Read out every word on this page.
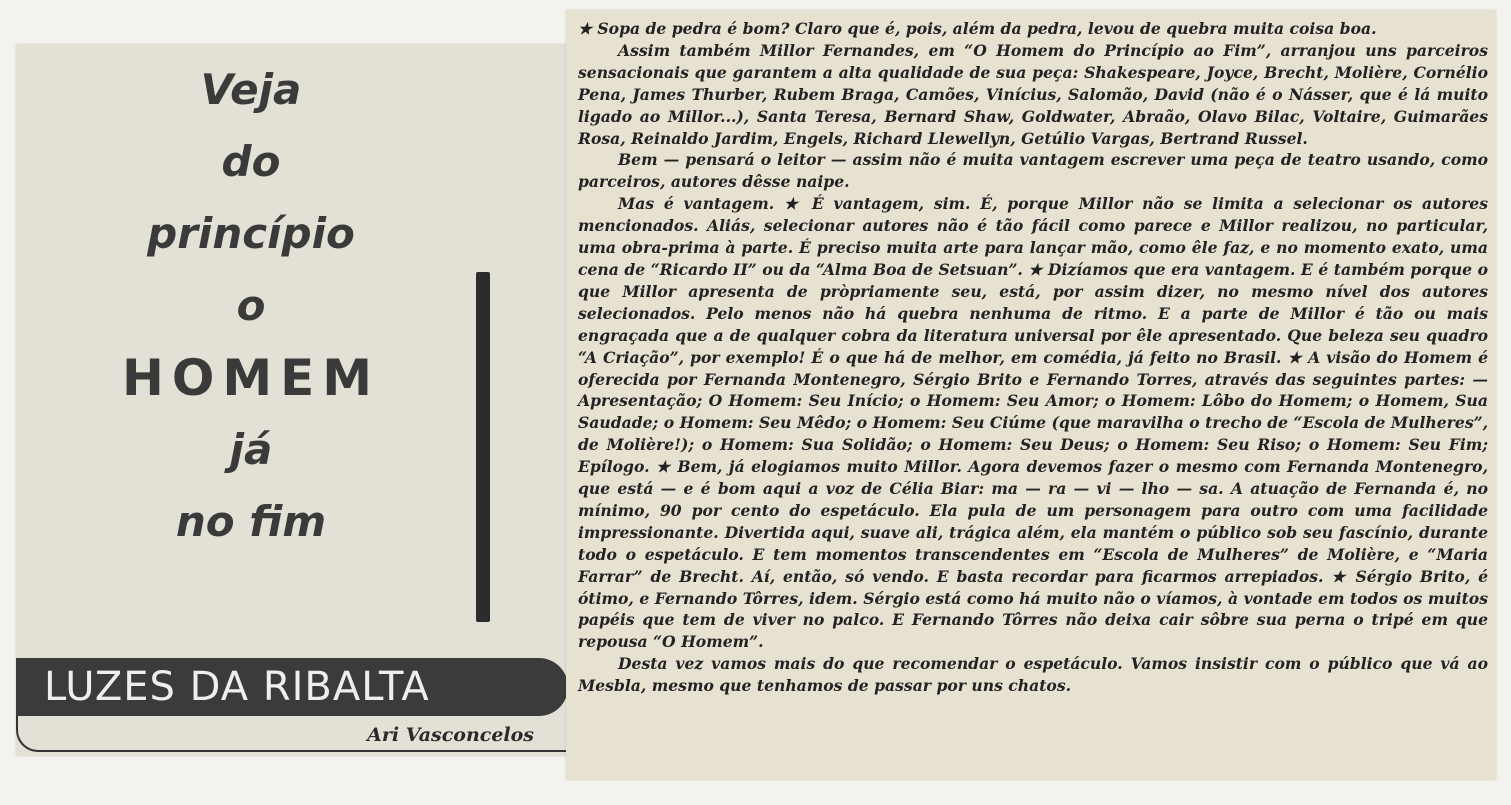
Veja
do
princípio
o
HOMEM
já
no fim
LUZES DA RIBALTA
Ari Vasconcelos

★ Sopa de pedra é bom? Claro que é, pois, além da pedra, levou de quebra muita coisa boa.

Assim também Millor Fernandes, em “O Homem do Princípio ao Fim”, arranjou uns parceiros sensacionais que garantem a alta qualidade de sua peça: Shakespeare, Joyce, Brecht, Molière, Cornélio Pena, James Thurber, Rubem Braga, Camões, Vinícius, Salomão, David (não é o Násser, que é lá muito ligado ao Millor...), Santa Teresa, Bernard Shaw, Goldwater, Abraão, Olavo Bilac, Voltaire, Guimarães Rosa, Reinaldo Jardim, Engels, Richard Llewellyn, Getúlio Vargas, Bertrand Russel.

Bem — pensará o leitor — assim não é muita vantagem escrever uma peça de teatro usando, como parceiros, autores dêsse naipe.

Mas é vantagem. ★ É vantagem, sim. É, porque Millor não se limita a selecionar os autores mencionados. Aliás, selecionar autores não é tão fácil como parece e Millor realizou, no particular, uma obra-prima à parte. É preciso muita arte para lançar mão, como êle faz, e no momento exato, uma cena de “Ricardo II” ou da “Alma Boa de Setsuan”. ★ Dizíamos que era vantagem. E é também porque o que Millor apresenta de pròpriamente seu, está, por assim dizer, no mesmo nível dos autores selecionados. Pelo menos não há quebra nenhuma de ritmo. E a parte de Millor é tão ou mais engraçada que a de qualquer cobra da literatura universal por êle apresentado. Que beleza seu quadro “A Criação”, por exemplo! É o que há de melhor, em comédia, já feito no Brasil. ★ A visão do Homem é oferecida por Fernanda Montenegro, Sérgio Brito e Fernando Torres, através das seguintes partes: — Apresentação; O Homem: Seu Início; o Homem: Seu Amor; o Homem: Lôbo do Homem; o Homem, Sua Saudade; o Homem: Seu Mêdo; o Homem: Seu Ciúme (que maravilha o trecho de “Escola de Mulheres”, de Molière!); o Homem: Sua Solidão; o Homem: Seu Deus; o Homem: Seu Riso; o Homem: Seu Fim; Epílogo. ★ Bem, já elogiamos muito Millor. Agora devemos fazer o mesmo com Fernanda Montenegro, que está — e é bom aqui a voz de Célia Biar: ma — ra — vi — lho — sa. A atuação de Fernanda é, no mínimo, 90 por cento do espetáculo. Ela pula de um personagem para outro com uma facilidade impressionante. Divertida aqui, suave ali, trágica além, ela mantém o público sob seu fascínio, durante todo o espetáculo. E tem momentos transcendentes em “Escola de Mulheres” de Molière, e “Maria Farrar” de Brecht. Aí, então, só vendo. E basta recordar para ficarmos arrepiados. ★ Sérgio Brito, é ótimo, e Fernando Tôrres, idem. Sérgio está como há muito não o víamos, à vontade em todos os muitos papéis que tem de viver no palco. E Fernando Tôrres não deixa cair sôbre sua perna o tripé em que repousa “O Homem”.

Desta vez vamos mais do que recomendar o espetáculo. Vamos insistir com o público que vá ao Mesbla, mesmo que tenhamos de passar por uns chatos.
